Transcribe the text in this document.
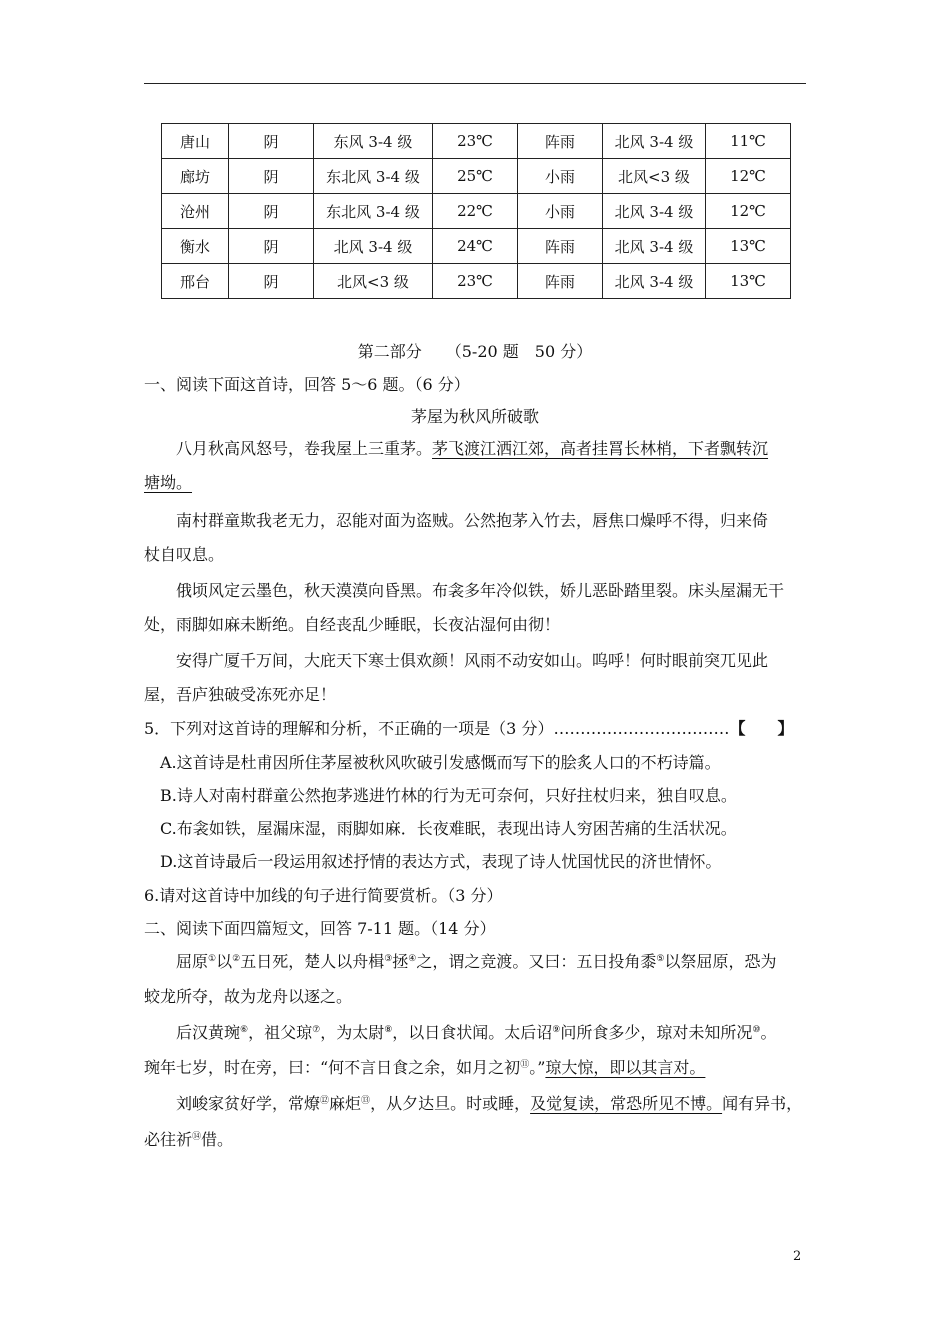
唐山	阴	东风 3-4 级	23℃	阵雨	北风 3-4 级	11℃
廊坊	阴	东北风 3-4 级	25℃	小雨	北风<3 级	12℃
沧州	阴	东北风 3-4 级	22℃	小雨	北风 3-4 级	12℃
衡水	阴	北风 3-4 级	24℃	阵雨	北风 3-4 级	13℃
邢台	阴	北风<3 级	23℃	阵雨	北风 3-4 级	13℃
第二部分　　（5-20 题　50 分）
一、阅读下面这首诗，回答 5～6 题。（6 分）
茅屋为秋风所破歌
八月秋高风怒号，卷我屋上三重茅。茅飞渡江洒江郊，高者挂罥长林梢，下者飘转沉
塘坳。
南村群童欺我老无力，忍能对面为盗贼。公然抱茅入竹去，唇焦口燥呼不得，归来倚
杖自叹息。
俄顷风定云墨色，秋天漠漠向昏黑。布衾多年冷似铁，娇儿恶卧踏里裂。床头屋漏无干
处，雨脚如麻未断绝。自经丧乱少睡眠，长夜沾湿何由彻！
安得广厦千万间，大庇天下寒士俱欢颜！风雨不动安如山。呜呼！何时眼前突兀见此
屋，吾庐独破受冻死亦足！
5．下列对这首诗的理解和分析，不正确的一项是（3 分）……………………………【　　】
A.这首诗是杜甫因所住茅屋被秋风吹破引发感慨而写下的脍炙人口的不朽诗篇。
B.诗人对南村群童公然抱茅逃进竹林的行为无可奈何，只好拄杖归来，独自叹息。
C.布衾如铁，屋漏床湿，雨脚如麻．长夜难眠，表现出诗人穷困苦痛的生活状况。
D.这首诗最后一段运用叙述抒情的表达方式，表现了诗人忧国忧民的济世情怀。
6.请对这首诗中加线的句子进行简要赏析。（3 分）
二、阅读下面四篇短文，回答 7-11 题。（14 分）
屈原①以②五日死，楚人以舟楫③拯④之，谓之竞渡。又曰：五日投角黍⑤以祭屈原，恐为
蛟龙所夺，故为龙舟以逐之。
后汉黄琬⑥，祖父琼⑦，为太尉⑧，以日食状闻。太后诏⑨问所食多少，琼对未知所况⑩。
琬年七岁，时在旁，曰：“何不言日食之余，如月之初⑪。”琼大惊，即以其言对。
刘峻家贫好学，常燎⑫麻炬⑬，从夕达旦。时或睡，及觉复读，常恐所见不博。闻有异书，
必往祈⑭借。
2
